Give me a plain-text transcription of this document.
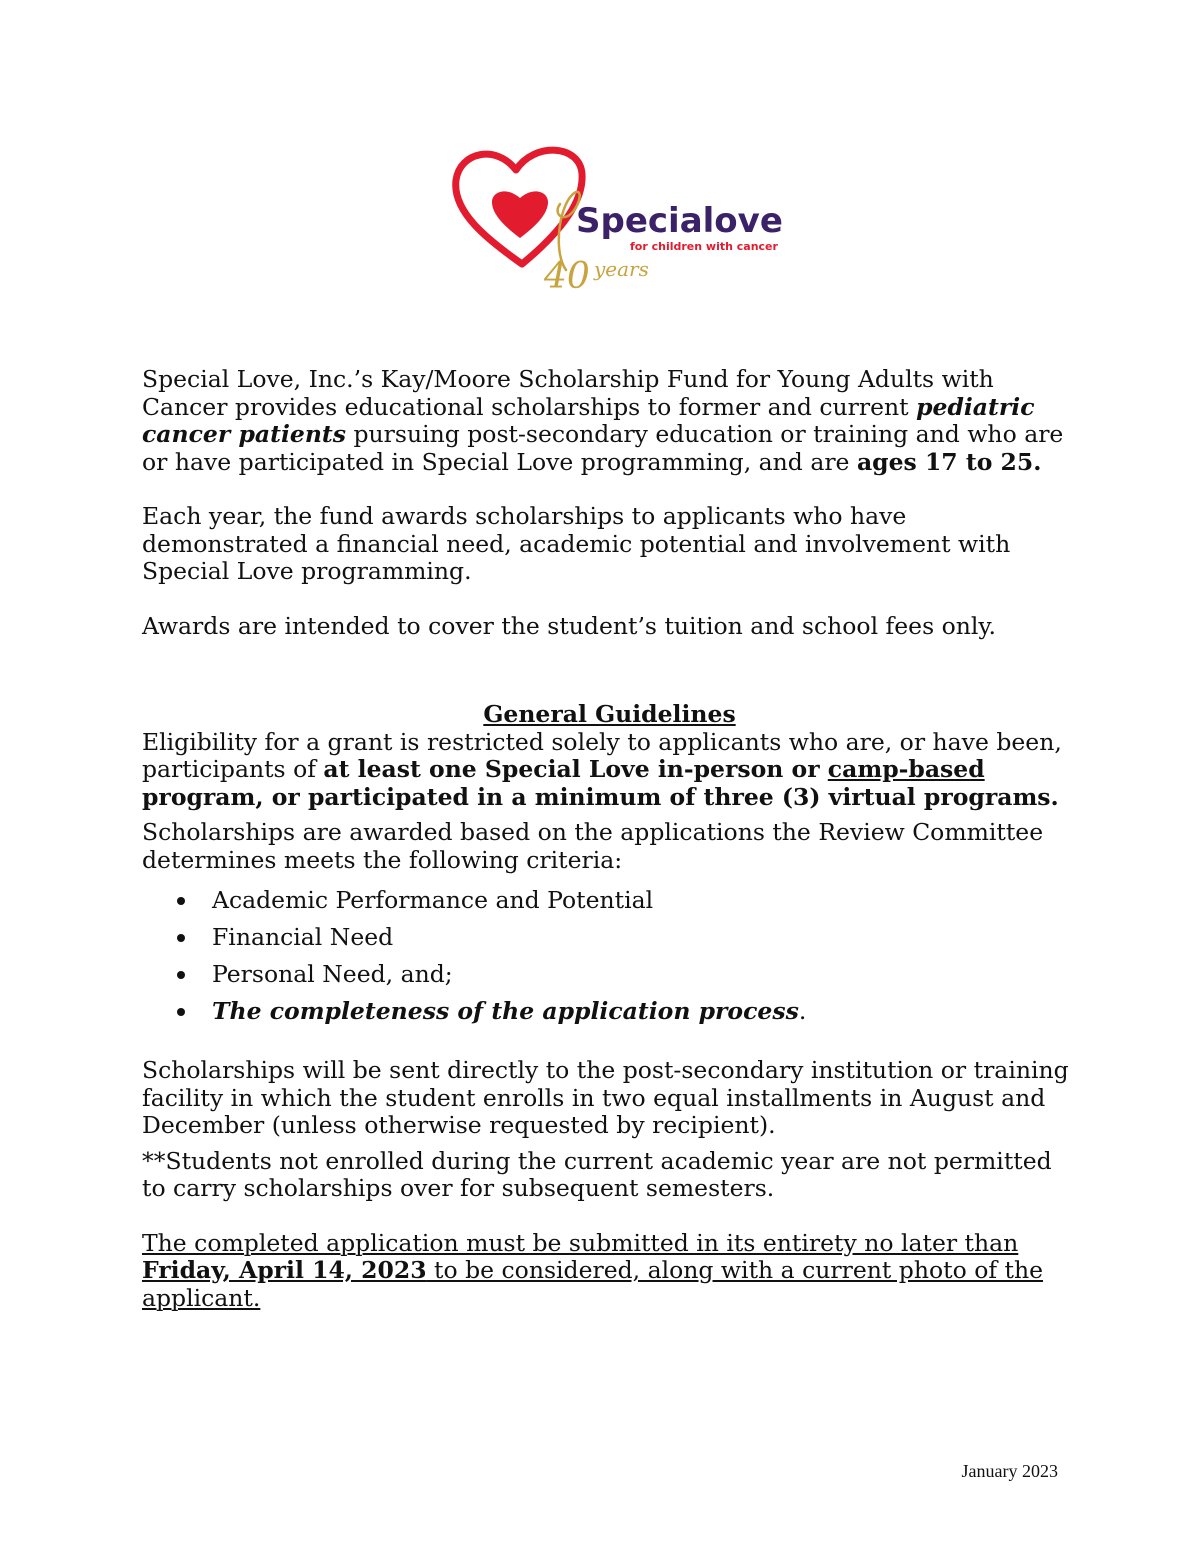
Specialove
for children with cancer
40 years

Special Love, Inc.’s Kay/Moore Scholarship Fund for Young Adults with Cancer provides educational scholarships to former and current pediatric cancer patients pursuing post-secondary education or training and who are or have participated in Special Love programming, and are ages 17 to 25.

Each year, the fund awards scholarships to applicants who have demonstrated a financial need, academic potential and involvement with Special Love programming.

Awards are intended to cover the student’s tuition and school fees only.

General Guidelines

Eligibility for a grant is restricted solely to applicants who are, or have been, participants of at least one Special Love in-person or camp-based program, or participated in a minimum of three (3) virtual programs.

Scholarships are awarded based on the applications the Review Committee determines meets the following criteria:

Academic Performance and Potential
Financial Need
Personal Need, and;
The completeness of the application process.

Scholarships will be sent directly to the post-secondary institution or training facility in which the student enrolls in two equal installments in August and December (unless otherwise requested by recipient).

**Students not enrolled during the current academic year are not permitted to carry scholarships over for subsequent semesters.

The completed application must be submitted in its entirety no later than Friday, April 14, 2023 to be considered, along with a current photo of the applicant.

January 2023
